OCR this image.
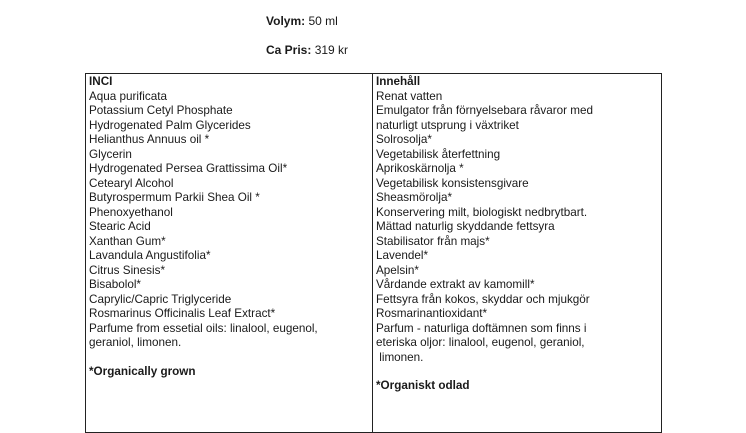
Volym: 50 ml
Ca Pris: 319 kr
INCI
Aqua purificata
Potassium Cetyl Phosphate
Hydrogenated Palm Glycerides
Helianthus Annuus oil *
Glycerin
Hydrogenated Persea Grattissima Oil*
Cetearyl Alcohol
Butyrospermum Parkii Shea Oil *
Phenoxyethanol
Stearic Acid
Xanthan Gum*
Lavandula Angustifolia*
Citrus Sinesis*
Bisabolol*
Caprylic/Capric Triglyceride
Rosmarinus Officinalis Leaf Extract*
Parfume from essetial oils: linalool, eugenol,
geraniol, limonen.
*Organically grown
Innehåll
Renat vatten
Emulgator från förnyelsebara råvaror med
naturligt utsprung i växtriket
Solrosolja*
Vegetabilisk återfettning
Aprikoskärnolja *
Vegetabilisk konsistensgivare
Sheasmörolja*
Konservering milt, biologiskt nedbrytbart.
Mättad naturlig skyddande fettsyra
Stabilisator från majs*
Lavendel*
Apelsin*
Vårdande extrakt av kamomill*
Fettsyra från kokos, skyddar och mjukgör
Rosmarinantioxidant*
Parfum - naturliga doftämnen som finns i
eteriska oljor: linalool, eugenol, geraniol,
limonen.
*Organiskt odlad
